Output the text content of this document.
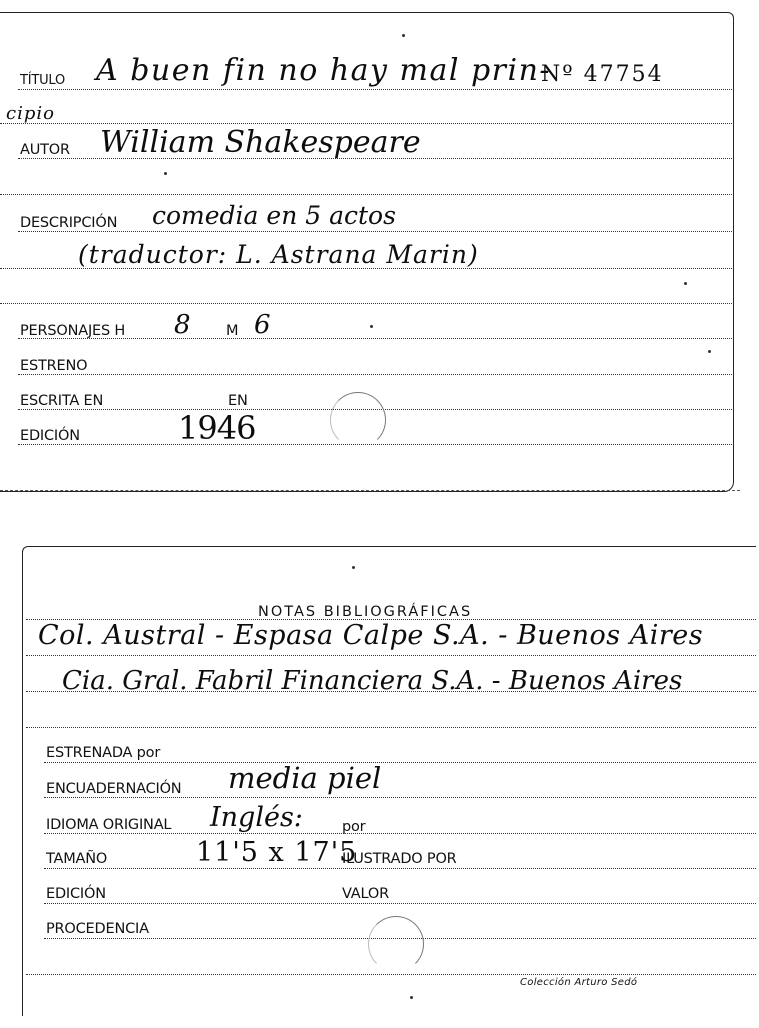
TÍTULO A buen fin no hay mal prin-
Nº 47754
cipio
AUTOR William Shakespeare
DESCRIPCIÓN comedia en 5 actos
(traductor: L. Astrana Marin)
PERSONAJES H 8 M 6
ESTRENO
ESCRITA EN	EN
EDICIÓN	1946
NOTAS BIBLIOGRÁFICAS
Col. Austral - Espasa Calpe S.A. - Buenos Aires
Cia. Gral. Fabril Financiera S.A. - Buenos Aires
ESTRENADA por
ENCUADERNACIÓN media piel
IDIOMA ORIGINAL Inglés:	por
TAMAÑO	11'5 x 17'5
ILUSTRADO POR
EDICIÓN	VALOR
PROCEDENCIA
Colección Arturo Sedó
